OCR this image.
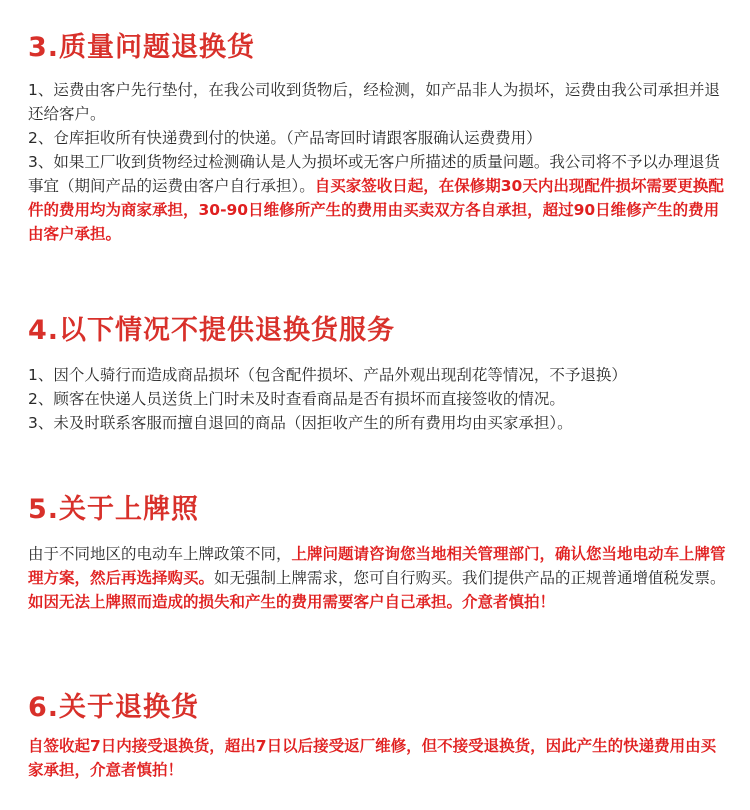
3.质量问题退换货

1、运费由客户先行垫付，在我公司收到货物后，经检测，如产品非人为损坏，运费由我公司承担并退还给客户。

2、仓库拒收所有快递费到付的快递。（产品寄回时请跟客服确认运费费用）

3、如果工厂收到货物经过检测确认是人为损坏或无客户所描述的质量问题。我公司将不予以办理退货事宜（期间产品的运费由客户自行承担）。自买家签收日起，在保修期30天内出现配件损坏需要更换配件的费用均为商家承担，30-90日维修所产生的费用由买卖双方各自承担，超过90日维修产生的费用由客户承担。

4.以下情况不提供退换货服务

1、因个人骑行而造成商品损坏（包含配件损坏、产品外观出现刮花等情况，不予退换）

2、顾客在快递人员送货上门时未及时查看商品是否有损坏而直接签收的情况。

3、未及时联系客服而擅自退回的商品（因拒收产生的所有费用均由买家承担）。

5.关于上牌照

由于不同地区的电动车上牌政策不同，上牌问题请咨询您当地相关管理部门，确认您当地电动车上牌管理方案，然后再选择购买。如无强制上牌需求，您可自行购买。我们提供产品的正规普通增值税发票。

如因无法上牌照而造成的损失和产生的费用需要客户自己承担。介意者慎拍！

6.关于退换货

自签收起7日内接受退换货，超出7日以后接受返厂维修，但不接受退换货，因此产生的快递费用由买家承担，介意者慎拍！
